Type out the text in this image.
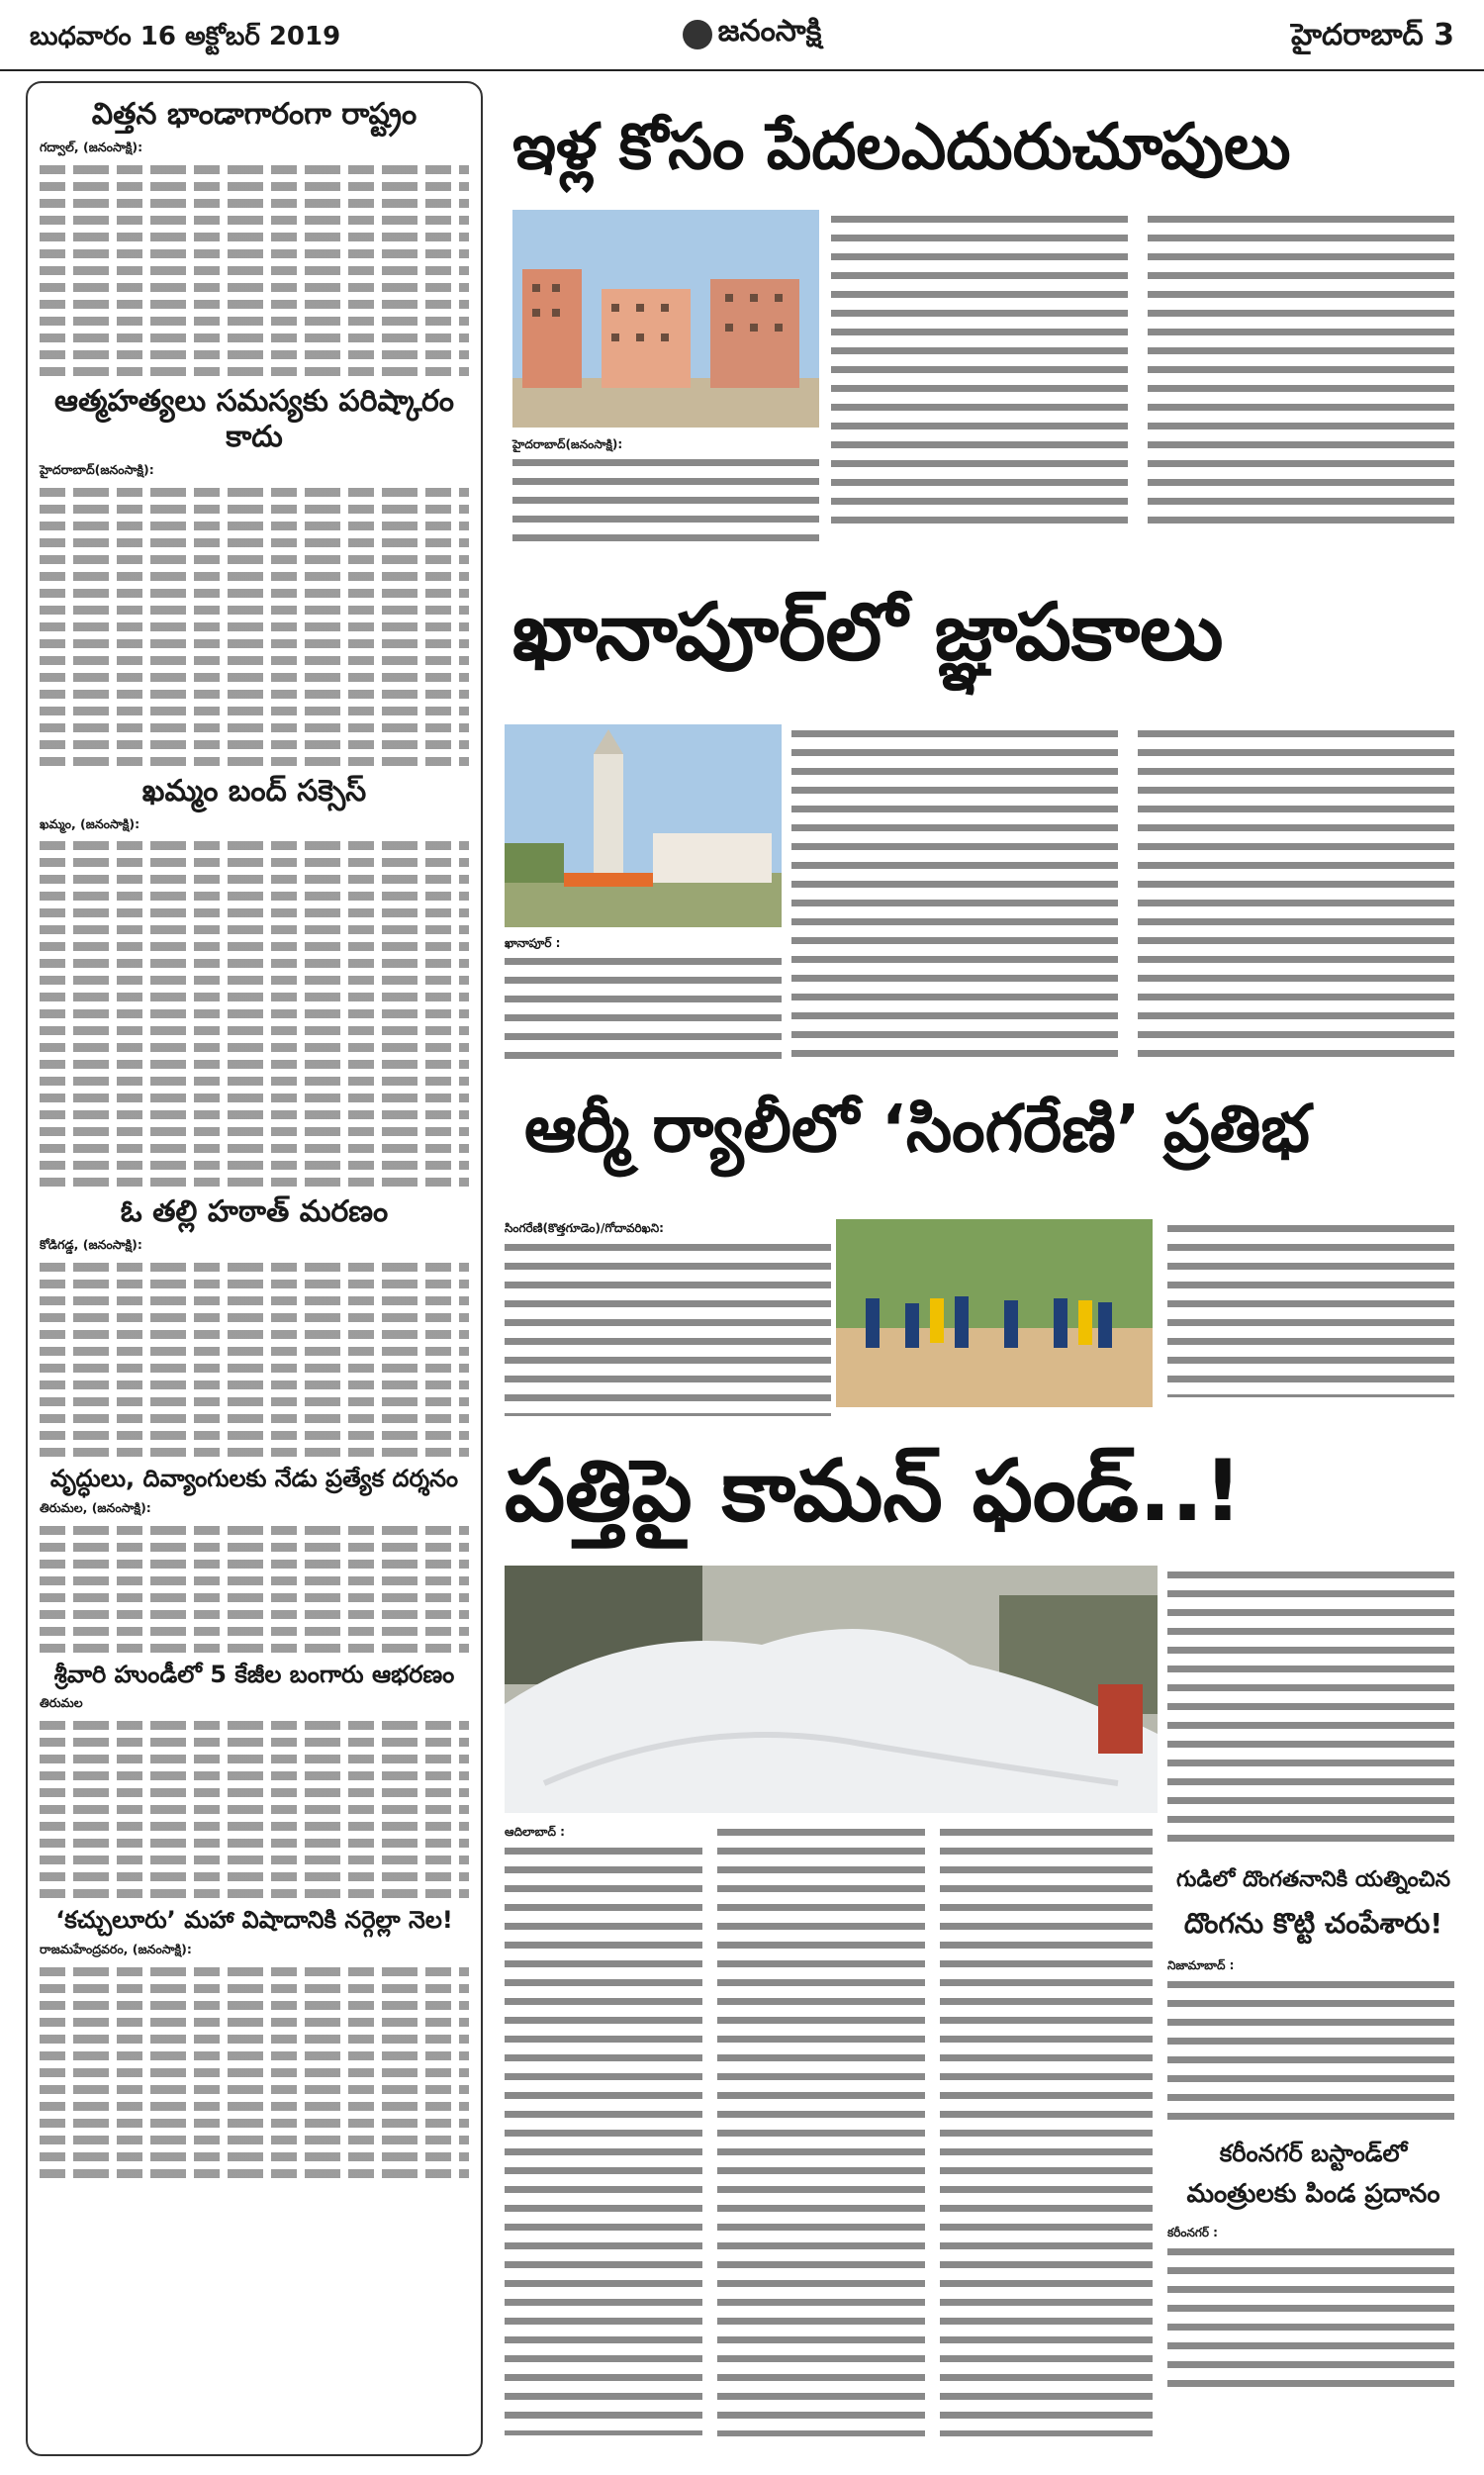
బుధవారం 16 అక్టోబర్ 2019	జనంసాక్షి	హైదరాబాద్ 3
విత్తన భాండాగారంగా రాష్ట్రం
గద్వాల్‌, (జనంసాక్షి):
ఆత్మహత్యలు సమస్యకు పరిష్కారం కాదు
హైదరాబాద్‌(జనంసాక్షి):
ఖమ్మం బంద్ సక్సెస్
ఖమ్మం, (జనంసాక్షి):
ఓ తల్లి హఠాత్ మరణం
కోడిగడ్డ, (జనంసాక్షి):
వృద్ధులు, దివ్యాంగులకు నేడు ప్రత్యేక దర్శనం
తిరుమల, (జనంసాక్షి):
శ్రీవారి హుండీలో 5 కేజీల బంగారు ఆభరణం
తిరుమల
‘కచ్చులూరు’ మహా విషాదానికి నర్గెల్లా నెల!
రాజమహేంద్రవరం, (జనంసాక్షి):
ఇళ్ల కోసం పేదలఎదురుచూపులు
హైదరాబాద్‌(జనంసాక్షి):
ఖానాపూర్‌లో జ్ఞాపకాలు
ఖానాపూర్‌ :
ఆర్మీ ర్యాలీలో ‘సింగరేణి’ ప్రతిభ
సింగరేణి(కొత్తగూడెం)/గోదావరిఖని:
పత్తిపై కామన్‌ ఫండ్‌..!
ఆదిలాబాద్‌ :
గుడిలో దొంగతనానికి యత్నించిన
దొంగను కొట్టి చంపేశారు!
నిజామాబాద్‌ :
కరీంనగర్ బస్టాండ్‌లో
మంత్రులకు పిండ ప్రదానం
కరీంనగర్‌ :
